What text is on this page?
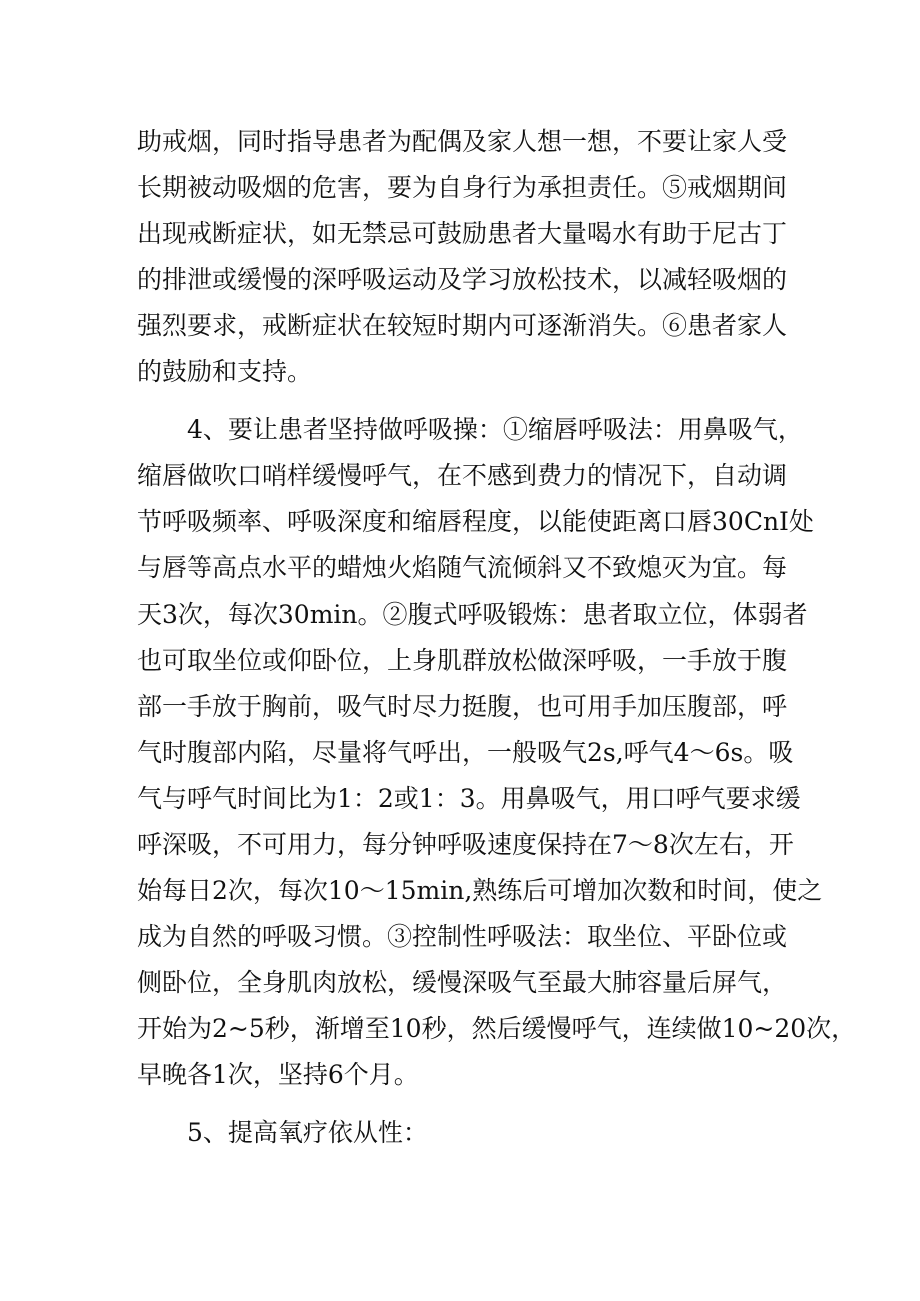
助戒烟，同时指导患者为配偶及家人想一想，不要让家人受

长期被动吸烟的危害，要为自身行为承担责任。⑤戒烟期间

出现戒断症状，如无禁忌可鼓励患者大量喝水有助于尼古丁

的排泄或缓慢的深呼吸运动及学习放松技术，以减轻吸烟的

强烈要求，戒断症状在较短时期内可逐渐消失。⑥患者家人

的鼓励和支持。

4、要让患者坚持做呼吸操：①缩唇呼吸法：用鼻吸气，

缩唇做吹口哨样缓慢呼气，在不感到费力的情况下，自动调

节呼吸频率、呼吸深度和缩唇程度，以能使距离口唇30CnI处

与唇等高点水平的蜡烛火焰随气流倾斜又不致熄灭为宜。每

天3次，每次30min。②腹式呼吸锻炼：患者取立位，体弱者

也可取坐位或仰卧位，上身肌群放松做深呼吸，一手放于腹

部一手放于胸前，吸气时尽力挺腹，也可用手加压腹部，呼

气时腹部内陷，尽量将气呼出，一般吸气2s,呼气4～6s。吸

气与呼气时间比为1：2或1：3。用鼻吸气，用口呼气要求缓

呼深吸，不可用力，每分钟呼吸速度保持在7～8次左右，开

始每日2次，每次10～15min,熟练后可增加次数和时间，使之

成为自然的呼吸习惯。③控制性呼吸法：取坐位、平卧位或

侧卧位，全身肌肉放松，缓慢深吸气至最大肺容量后屏气，

开始为2~5秒，渐增至10秒，然后缓慢呼气，连续做10~20次，

早晚各1次，坚持6个月。

5、提高氧疗依从性：
